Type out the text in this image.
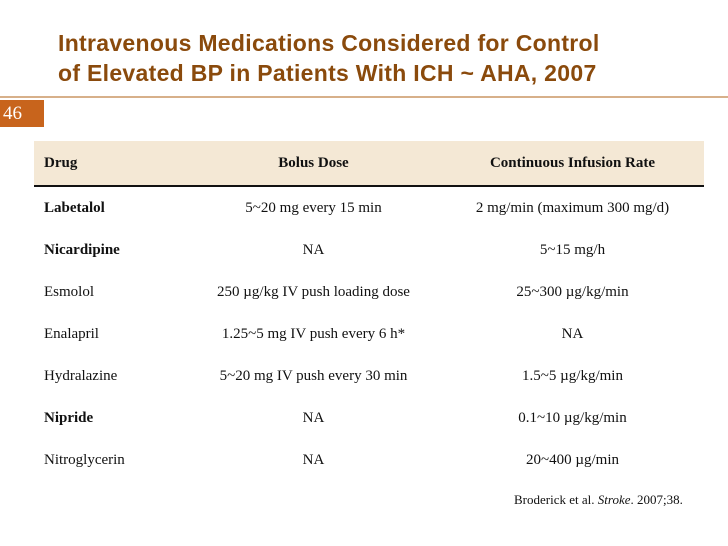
Intravenous Medications Considered for Control
of Elevated BP in Patients With ICH ~ AHA, 2007
46
Drug	Bolus Dose	Continuous Infusion Rate
Labetalol	5~20 mg every 15 min	2 mg/min (maximum 300 mg/d)
Nicardipine	NA	5~15 mg/h
Esmolol	250 µg/kg IV push loading dose	25~300 µg/kg/min
Enalapril	1.25~5 mg IV push every 6 h*	NA
Hydralazine	5~20 mg IV push every 30 min	1.5~5 µg/kg/min
Nipride	NA	0.1~10 µg/kg/min
Nitroglycerin	NA	20~400 µg/min
Broderick et al. Stroke. 2007;38.
